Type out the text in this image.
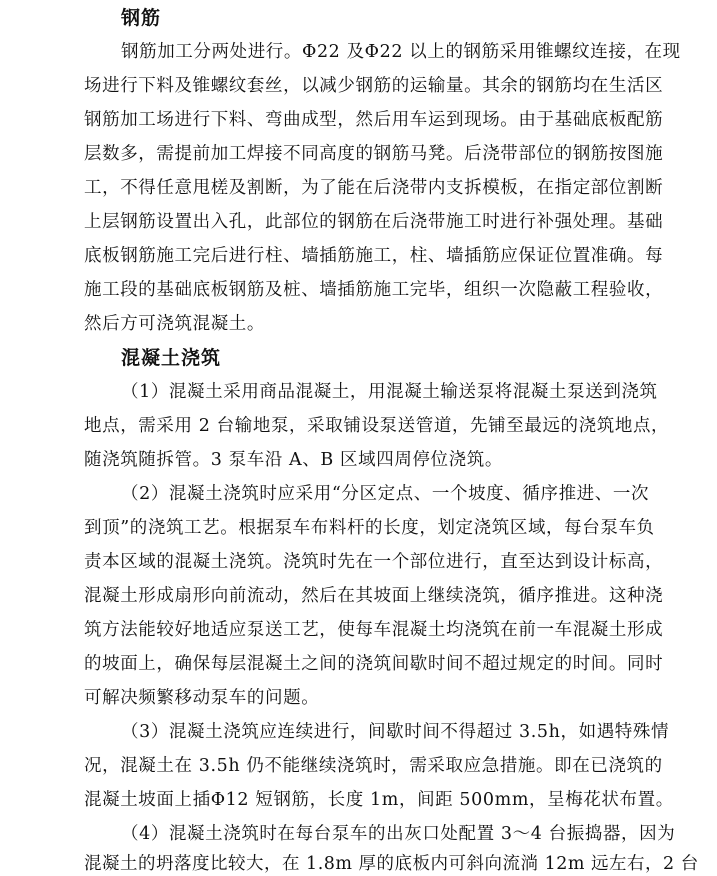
钢筋
钢筋加工分两处进行。Φ22 及Φ22 以上的钢筋采用锥螺纹连接，在现
场进行下料及锥螺纹套丝，以减少钢筋的运输量。其余的钢筋均在生活区
钢筋加工场进行下料、弯曲成型，然后用车运到现场。由于基础底板配筋
层数多，需提前加工焊接不同高度的钢筋马凳。后浇带部位的钢筋按图施
工，不得任意甩槎及割断，为了能在后浇带内支拆模板，在指定部位割断
上层钢筋设置出入孔，此部位的钢筋在后浇带施工时进行补强处理。基础
底板钢筋施工完后进行柱、墙插筋施工，柱、墙插筋应保证位置准确。每
施工段的基础底板钢筋及桩、墙插筋施工完毕，组织一次隐蔽工程验收，
然后方可浇筑混凝土。
混凝土浇筑
（1）混凝土采用商品混凝土，用混凝土输送泵将混凝土泵送到浇筑
地点，需采用 2 台输地泵，采取铺设泵送管道，先铺至最远的浇筑地点，
随浇筑随拆管。3 泵车沿 A、B 区域四周停位浇筑。
（2）混凝土浇筑时应采用“分区定点、一个坡度、循序推进、一次
到顶”的浇筑工艺。根据泵车布料杆的长度，划定浇筑区域，每台泵车负
责本区域的混凝土浇筑。浇筑时先在一个部位进行，直至达到设计标高，
混凝土形成扇形向前流动，然后在其坡面上继续浇筑，循序推进。这种浇
筑方法能较好地适应泵送工艺，使每车混凝土均浇筑在前一车混凝土形成
的坡面上，确保每层混凝土之间的浇筑间歇时间不超过规定的时间。同时
可解决频繁移动泵车的问题。
（3）混凝土浇筑应连续进行，间歇时间不得超过 3.5h，如遇特殊情
况，混凝土在 3.5h 仍不能继续浇筑时，需采取应急措施。即在已浇筑的
混凝土坡面上插Φ12 短钢筋，长度 1m，间距 500mm，呈梅花状布置。
（4）混凝土浇筑时在每台泵车的出灰口处配置 3～4 台振捣器，因为
混凝土的坍落度比较大，在 1.8m 厚的底板内可斜向流淌 12m 远左右，2 台
